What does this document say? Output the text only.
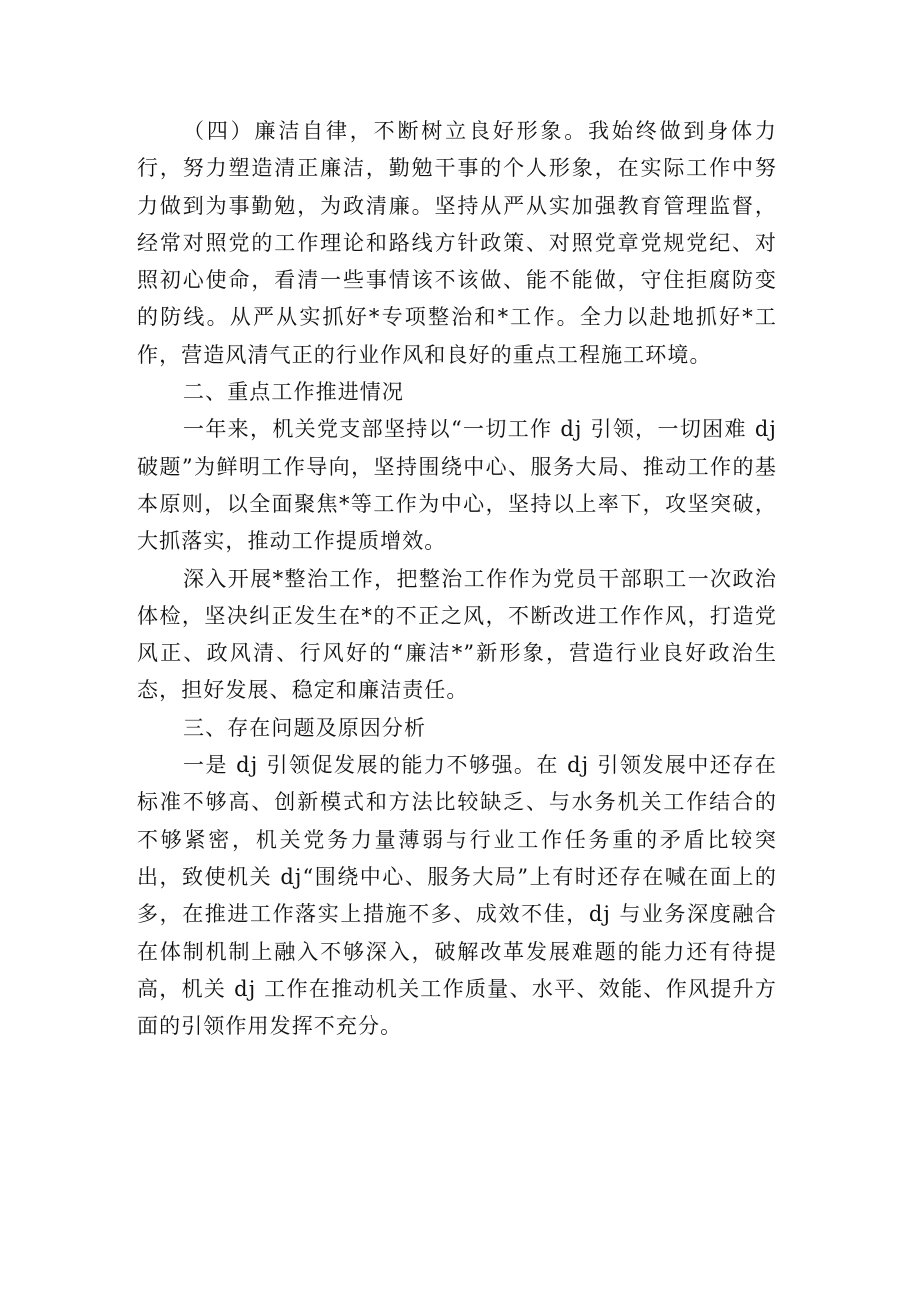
（四）廉洁自律，不断树立良好形象。我始终做到身体力行，努力塑造清正廉洁，勤勉干事的个人形象，在实际工作中努力做到为事勤勉，为政清廉。坚持从严从实加强教育管理监督，经常对照党的工作理论和路线方针政策、对照党章党规党纪、对照初心使命，看清一些事情该不该做、能不能做，守住拒腐防变的防线。从严从实抓好*专项整治和*工作。全力以赴地抓好*工作，营造风清气正的行业作风和良好的重点工程施工环境。

二、重点工作推进情况

一年来，机关党支部坚持以“一切工作 dj 引领，一切困难 dj 破题”为鲜明工作导向，坚持围绕中心、服务大局、推动工作的基本原则，以全面聚焦*等工作为中心，坚持以上率下，攻坚突破，大抓落实，推动工作提质增效。

深入开展*整治工作，把整治工作作为党员干部职工一次政治体检，坚决纠正发生在*的不正之风，不断改进工作作风，打造党风正、政风清、行风好的“廉洁*”新形象，营造行业良好政治生态，担好发展、稳定和廉洁责任。

三、存在问题及原因分析

一是 dj 引领促发展的能力不够强。在 dj 引领发展中还存在标准不够高、创新模式和方法比较缺乏、与水务机关工作结合的不够紧密，机关党务力量薄弱与行业工作任务重的矛盾比较突出，致使机关 dj“围绕中心、服务大局”上有时还存在喊在面上的多，在推进工作落实上措施不多、成效不佳，dj 与业务深度融合在体制机制上融入不够深入，破解改革发展难题的能力还有待提高，机关 dj 工作在推动机关工作质量、水平、效能、作风提升方面的引领作用发挥不充分。
